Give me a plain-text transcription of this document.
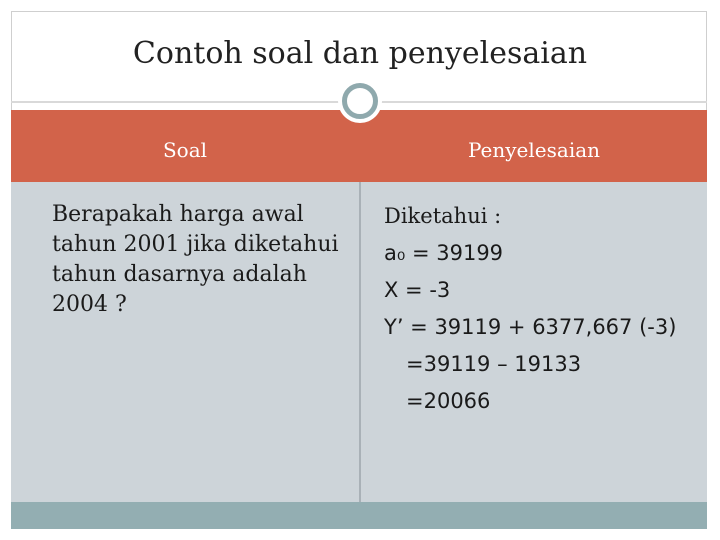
Contoh soal dan penyelesaian
Soal	Penyelesaian
Berapakah harga awal tahun 2001 jika diketahui tahun dasarnya adalah 2004 ?
Diketahui :
a₀ = 39199
X = -3
Y’ = 39119 + 6377,667 (-3)
=39119 – 19133
=20066
